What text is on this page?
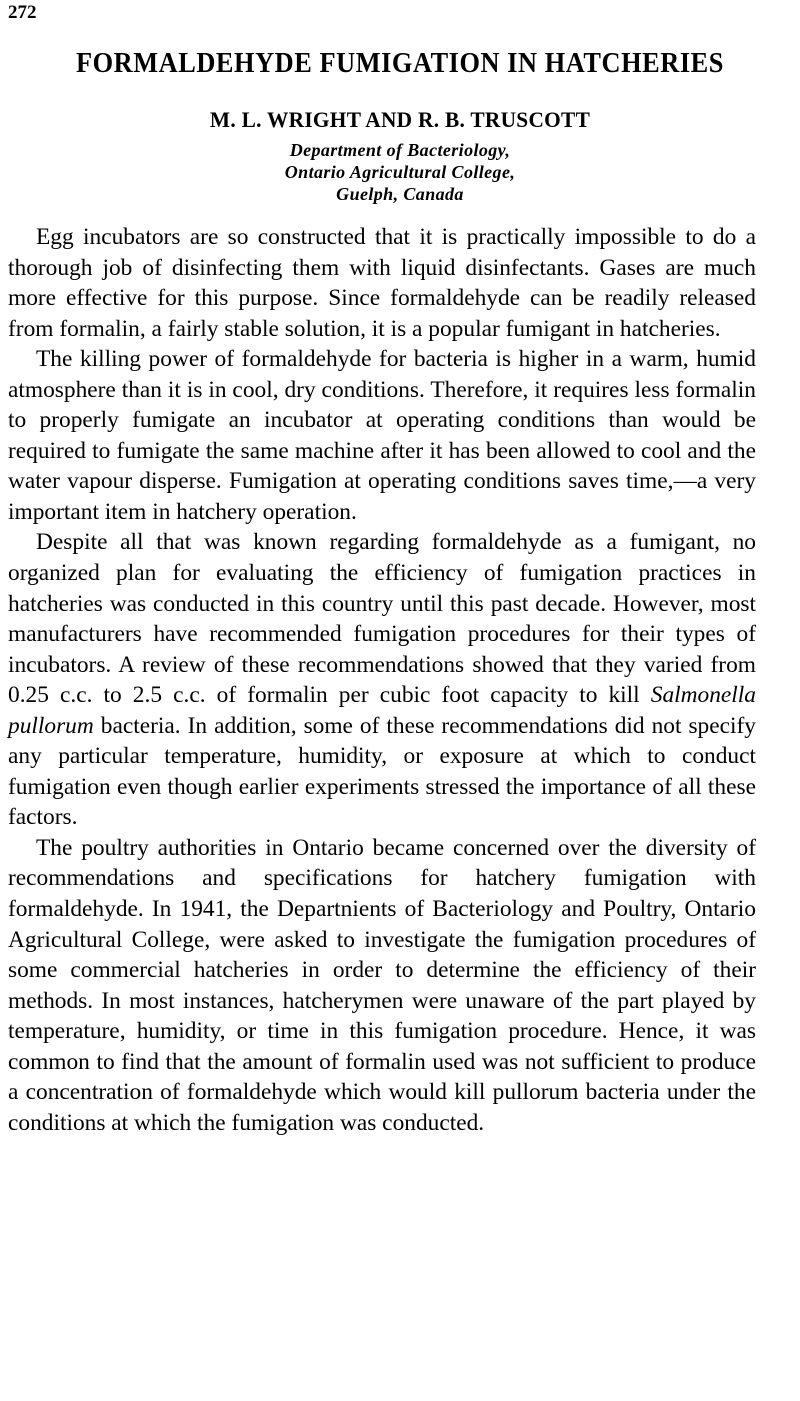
272
FORMALDEHYDE FUMIGATION IN HATCHERIES
M. L. WRIGHT AND R. B. TRUSCOTT
Department of Bacteriology,
Ontario Agricultural College,
Guelph, Canada

Egg incubators are so constructed that it is practically impossible to do a thorough job of disinfecting them with liquid disinfectants. Gases are much more effective for this purpose. Since formaldehyde can be readily released from formalin, a fairly stable solution, it is a popular fumigant in hatcheries.

The killing power of formaldehyde for bacteria is higher in a warm, humid atmosphere than it is in cool, dry conditions. Therefore, it requires less formalin to properly fumigate an incubator at operating conditions than would be required to fumigate the same machine after it has been allowed to cool and the water vapour disperse. Fumigation at operating conditions saves time,—a very important item in hatchery operation.

Despite all that was known regarding formaldehyde as a fumigant, no organized plan for evaluating the efficiency of fumigation practices in hatcheries was conducted in this country until this past decade. However, most manufacturers have recommended fumigation procedures for their types of incubators. A review of these recommendations showed that they varied from 0.25 c.c. to 2.5 c.c. of formalin per cubic foot capacity to kill Salmonella pullorum bacteria. In addition, some of these recommendations did not specify any particular temperature, humidity, or exposure at which to conduct fumigation even though earlier experiments stressed the importance of all these factors.

The poultry authorities in Ontario became concerned over the diversity of recommendations and specifications for hatchery fumigation with formaldehyde. In 1941, the Departnients of Bacteriology and Poultry, Ontario Agricultural College, were asked to investigate the fumigation procedures of some commercial hatcheries in order to determine the efficiency of their methods. In most instances, hatcherymen were unaware of the part played by temperature, humidity, or time in this fumigation procedure. Hence, it was common to find that the amount of formalin used was not sufficient to produce a concentration of formaldehyde which would kill pullorum bacteria under the conditions at which the fumigation was conducted.
